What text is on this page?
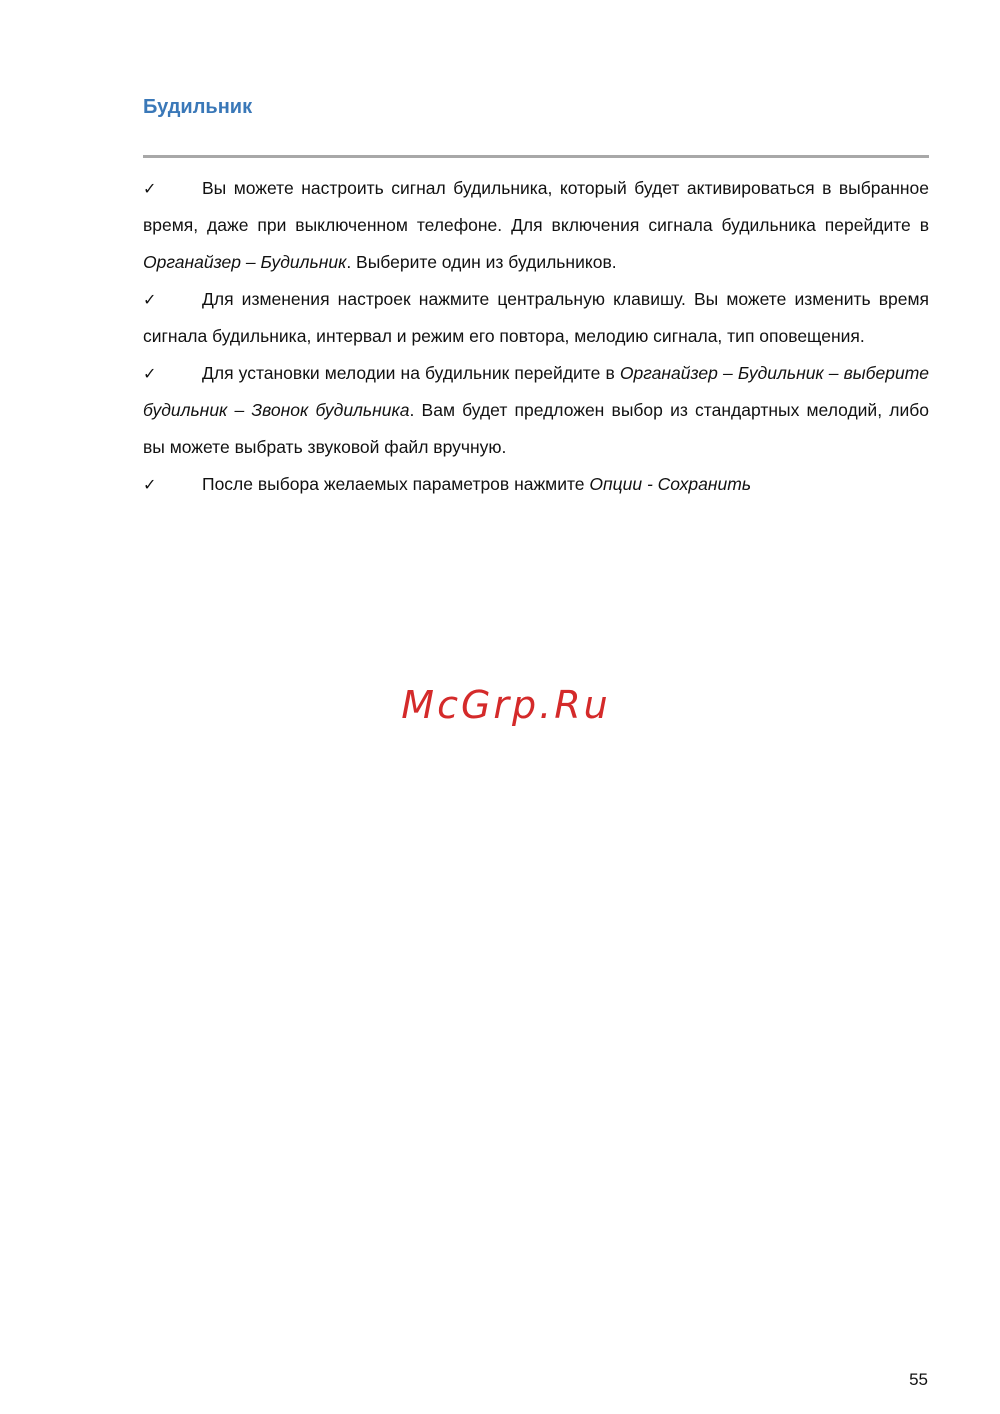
Будильник

✓	Вы можете настроить сигнал будильника, который будет активироваться в выбранное время, даже при выключенном телефоне. Для включения сигнала будильника перейдите в Органайзер – Будильник. Выберите один из будильников.

✓	Для изменения настроек нажмите центральную клавишу. Вы можете изменить время сигнала будильника, интервал и режим его повтора, мелодию сигнала, тип оповещения.

✓	Для установки мелодии на будильник перейдите в Органайзер – Будильник – выберите будильник – Звонок будильника. Вам будет предложен выбор из стандартных мелодий, либо вы можете выбрать звуковой файл вручную.

✓	После выбора желаемых параметров нажмите Опции - Сохранить

McGrp.Ru
55
